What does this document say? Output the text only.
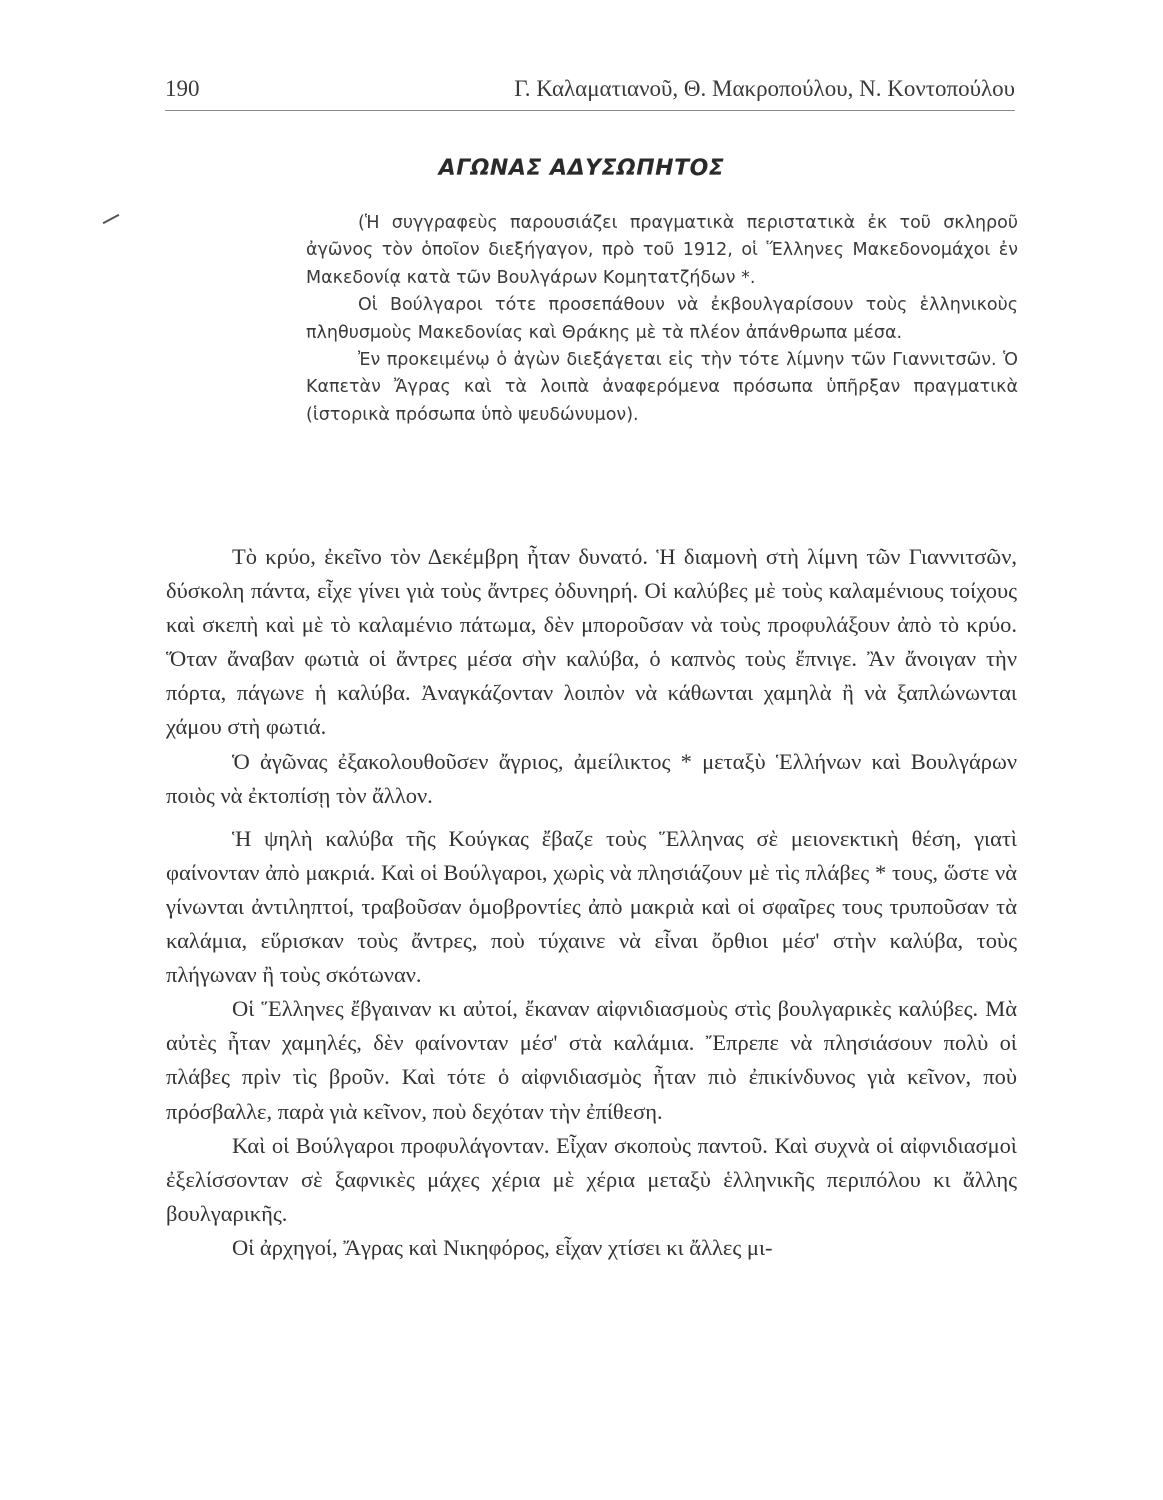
190	Γ. Καλαματιανοῦ, Θ. Μακροπούλου, Ν. Κοντοπούλου
ΑΓΩΝΑΣ ΑΔΥΣΩΠΗΤΟΣ

(Ἡ συγγραφεὺς παρουσιάζει πραγματικὰ περιστατικὰ ἐκ τοῦ σκληροῦ ἀγῶνος τὸν ὁποῖον διεξήγαγον, πρὸ τοῦ 1912, οἱ Ἕλληνες Μακεδονομάχοι ἐν Μακεδονίᾳ κατὰ τῶν Βουλγάρων Κομητατζήδων *.

Οἱ Βούλγαροι τότε προσεπάθουν νὰ ἐκβουλγαρίσουν τοὺς ἑλληνικοὺς πληθυσμοὺς Μακεδονίας καὶ Θράκης μὲ τὰ πλέον ἀπάνθρωπα μέσα.

Ἐν προκειμένῳ ὁ ἀγὼν διεξάγεται εἰς τὴν τότε λίμνην τῶν Γιαννιτσῶν. Ὁ Καπετὰν Ἄγρας καὶ τὰ λοιπὰ ἀναφερόμενα πρόσωπα ὑπῆρξαν πραγματικὰ (ἱστορικὰ πρόσωπα ὑπὸ ψευδώνυμον).

Τὸ κρύο, ἐκεῖνο τὸν Δεκέμβρη ἦταν δυνατό. Ἡ διαμονὴ στὴ λίμνη τῶν Γιαννιτσῶν, δύσκολη πάντα, εἶχε γίνει γιὰ τοὺς ἄντρες ὀδυνηρή. Οἱ καλύβες μὲ τοὺς καλαμένιους τοίχους καὶ σκεπὴ καὶ μὲ τὸ καλαμένιο πάτωμα, δὲν μποροῦσαν νὰ τοὺς προφυλάξουν ἀπὸ τὸ κρύο. Ὅταν ἄναβαν φωτιὰ οἱ ἄντρες μέσα σὴν καλύβα, ὁ καπνὸς τοὺς ἔπνιγε. Ἂν ἄνοιγαν τὴν πόρτα, πάγωνε ἡ καλύβα. Ἀναγκάζονταν λοιπὸν νὰ κάθωνται χαμηλὰ ἢ νὰ ξαπλώνωνται χάμου στὴ φωτιά.

Ὁ ἀγῶνας ἐξακολουθοῦσεν ἄγριος, ἀμείλικτος * μεταξὺ Ἑλλήνων καὶ Βουλγάρων ποιὸς νὰ ἐκτοπίσῃ τὸν ἄλλον.

Ἡ ψηλὴ καλύβα τῆς Κούγκας ἔβαζε τοὺς Ἕλληνας σὲ μειονεκτικὴ θέση, γιατὶ φαίνονταν ἀπὸ μακριά. Καὶ οἱ Βούλγαροι, χωρὶς νὰ πλησιάζουν μὲ τὶς πλάβες * τους, ὥστε νὰ γίνωνται ἀντιληπτοί, τραβοῦσαν ὁμοβροντίες ἀπὸ μακριὰ καὶ οἱ σφαῖρες τους τρυποῦσαν τὰ καλάμια, εὕρισκαν τοὺς ἄντρες, ποὺ τύχαινε νὰ εἶναι ὄρθιοι μέσ' στὴν καλύβα, τοὺς πλήγωναν ἢ τοὺς σκότωναν.

Οἱ Ἕλληνες ἔβγαιναν κι αὐτοί, ἔκαναν αἰφνιδιασμοὺς στὶς βουλγαρικὲς καλύβες. Μὰ αὐτὲς ἦταν χαμηλές, δὲν φαίνονταν μέσ' στὰ καλάμια. Ἔπρεπε νὰ πλησιάσουν πολὺ οἱ πλάβες πρὶν τὶς βροῦν. Καὶ τότε ὁ αἰφνιδιασμὸς ἦταν πιὸ ἐπικίνδυνος γιὰ κεῖνον, ποὺ πρόσβαλλε, παρὰ γιὰ κεῖνον, ποὺ δεχόταν τὴν ἐπίθεση.

Καὶ οἱ Βούλγαροι προφυλάγονταν. Εἶχαν σκοποὺς παντοῦ. Καὶ συχνὰ οἱ αἰφνιδιασμοὶ ἐξελίσσονταν σὲ ξαφνικὲς μάχες χέρια μὲ χέρια μεταξὺ ἑλληνικῆς περιπόλου κι ἄλλης βουλγαρικῆς.

Οἱ ἀρχηγοί, Ἄγρας καὶ Νικηφόρος, εἶχαν χτίσει κι ἄλλες μι-
